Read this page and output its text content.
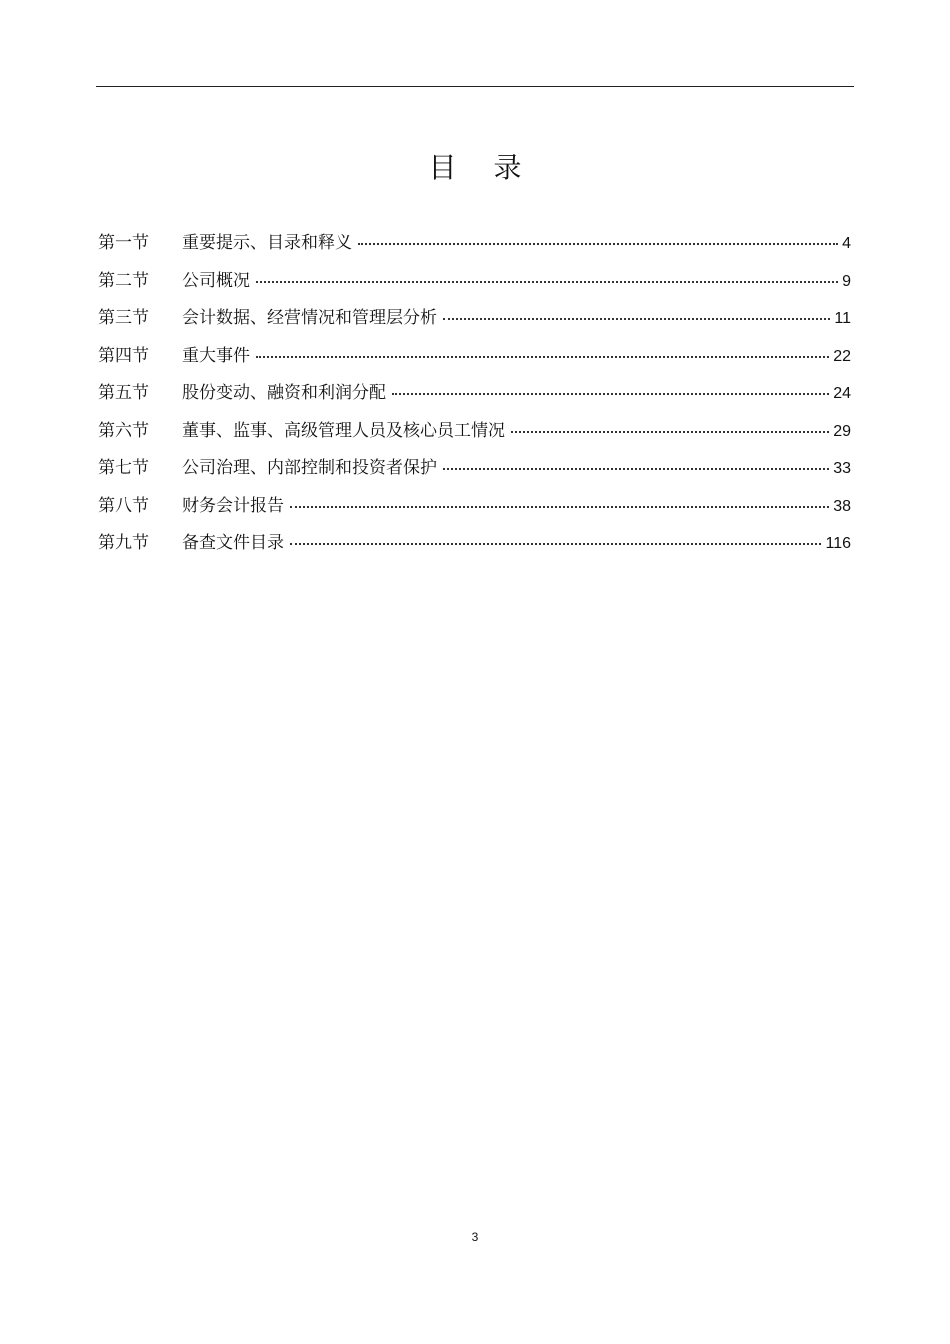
目 录
第一节	重要提示、目录和释义	4
第二节	公司概况	9
第三节	会计数据、经营情况和管理层分析	11
第四节	重大事件	22
第五节	股份变动、融资和利润分配	24
第六节	董事、监事、高级管理人员及核心员工情况	29
第七节	公司治理、内部控制和投资者保护	33
第八节	财务会计报告	38
第九节	备查文件目录	116
3
